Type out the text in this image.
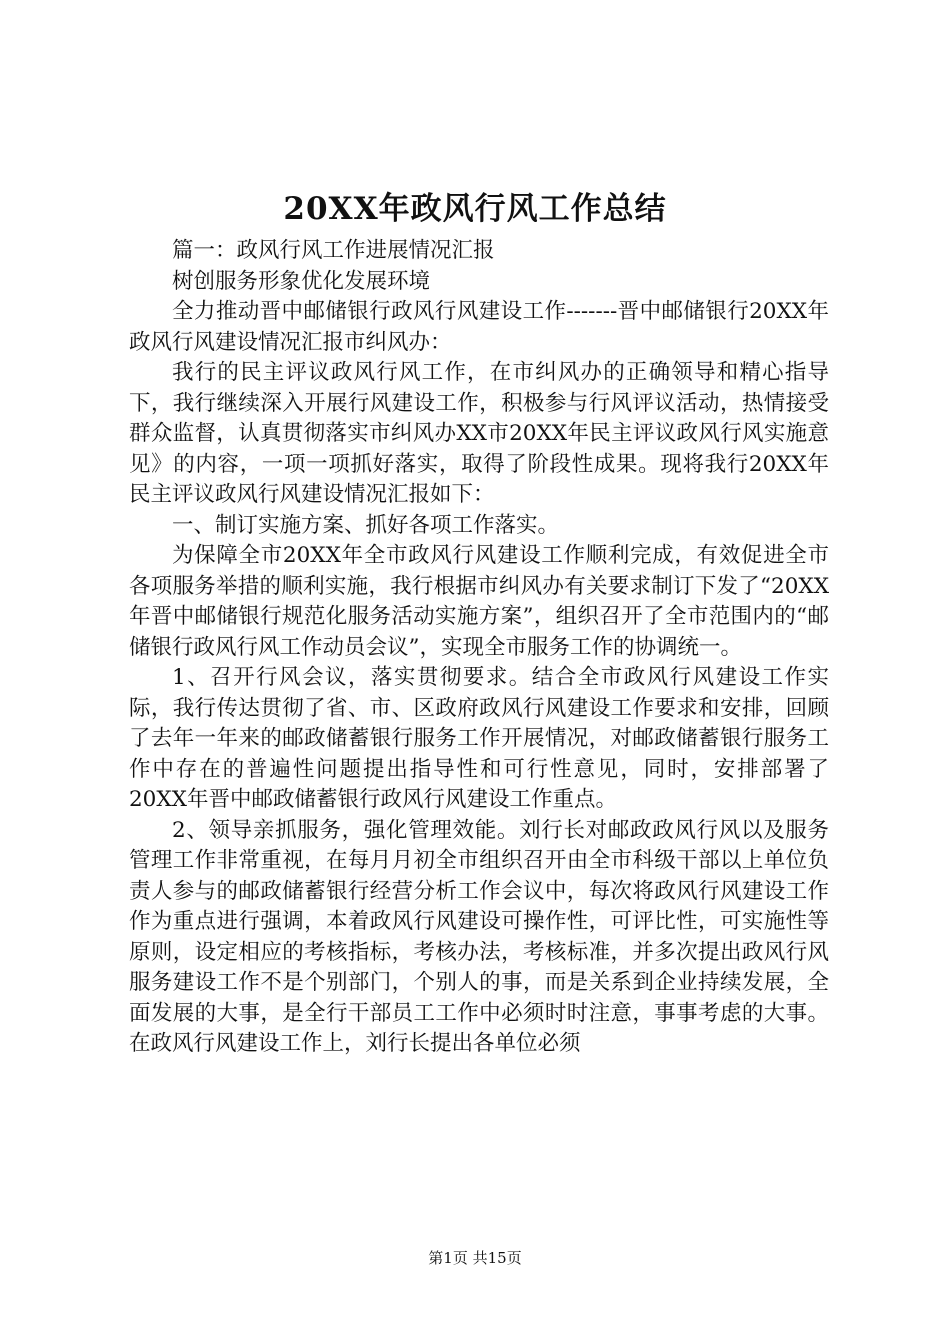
20XX年政风行风工作总结

篇一：政风行风工作进展情况汇报

树创服务形象优化发展环境

全力推动晋中邮储银行政风行风建设工作-------晋中邮储银行20XX年政风行风建设情况汇报市纠风办：

我行的民主评议政风行风工作，在市纠风办的正确领导和精心指导下，我行继续深入开展行风建设工作，积极参与行风评议活动，热情接受群众监督，认真贯彻落实市纠风办XX市20XX年民主评议政风行风实施意见》的内容，一项一项抓好落实，取得了阶段性成果。现将我行20XX年民主评议政风行风建设情况汇报如下：

一、制订实施方案、抓好各项工作落实。

为保障全市20XX年全市政风行风建设工作顺利完成，有效促进全市各项服务举措的顺利实施，我行根据市纠风办有关要求制订下发了“20XX年晋中邮储银行规范化服务活动实施方案”，组织召开了全市范围内的“邮储银行政风行风工作动员会议”，实现全市服务工作的协调统一。

1、召开行风会议，落实贯彻要求。结合全市政风行风建设工作实际，我行传达贯彻了省、市、区政府政风行风建设工作要求和安排，回顾了去年一年来的邮政储蓄银行服务工作开展情况，对邮政储蓄银行服务工作中存在的普遍性问题提出指导性和可行性意见，同时，安排部署了20XX年晋中邮政储蓄银行政风行风建设工作重点。

2、领导亲抓服务，强化管理效能。刘行长对邮政政风行风以及服务管理工作非常重视，在每月月初全市组织召开由全市科级干部以上单位负责人参与的邮政储蓄银行经营分析工作会议中，每次将政风行风建设工作作为重点进行强调，本着政风行风建设可操作性，可评比性，可实施性等原则，设定相应的考核指标，考核办法，考核标准，并多次提出政风行风服务建设工作不是个别部门，个别人的事，而是关系到企业持续发展，全面发展的大事，是全行干部员工工作中必须时时注意，事事考虑的大事。在政风行风建设工作上，刘行长提出各单位必须

第1页 共15页
